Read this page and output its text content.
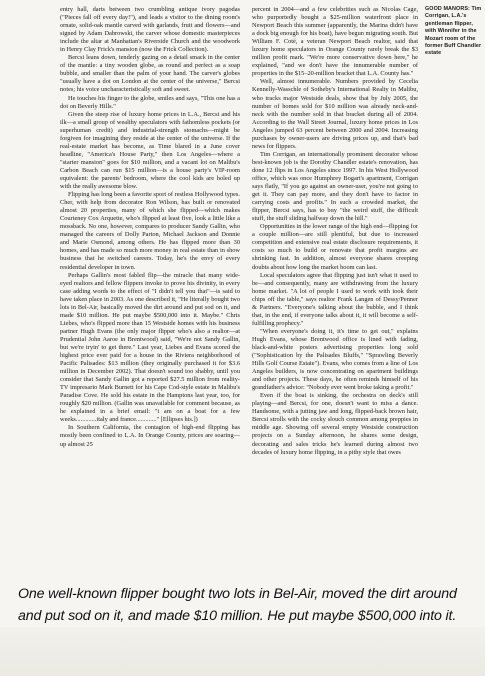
entry hall, darts between two crumbling antique ivory pagodas ("Pieces fall off every day!"), and leads a visitor to the dining room's ornate, solid-oak mantle carved with garlands, fruit and flowers—and signed by Adam Dabrowski, the carver whose domestic masterpieces include the altar at Manhattan's Riverside Church and the woodwork in Henry Clay Frick's mansion (now the Frick Collection).

Bercsi leans down, tenderly gazing on a detail smack in the center of the mantle: a tiny wooden globe, as round and perfect as a soap bubble, and smaller than the palm of your hand. The carver's globes "usually have a dot on London at the center of the universe," Bercsi notes; his voice uncharacteristically soft and sweet.

He touches his finger to the globe, smiles and says, "This one has a dot on Beverly Hills."

Given the steep rise of luxury home prices in L.A., Bercsi and his ilk—a small group of wealthy speculators with fathomless pockets (or superhuman credit) and industrial-strength stomachs—might be forgiven for imagining they reside at the center of the universe. If the real-estate market has become, as Time blared in a June cover headline, "America's House Party," then Los Angeles—where a "starter mansion" goes for $10 million, and a vacant lot on Malibu's Carbon Beach can run $15 million—is a house party's VIP-room equivalent: the parents' bedroom, where the cool kids are holed up with the really awesome blow.

Flipping has long been a favorite sport of restless Hollywood types. Cher, with help from decorator Ron Wilson, has built or renovated almost 20 properties, many of which she flipped—which makes Courteney Cox Arquette, who's flipped at least five, look a little like a mossback. No one, however, compares to producer Sandy Gallin, who managed the careers of Dolly Parton, Michael Jackson and Donnie and Marie Osmond, among others. He has flipped more than 30 homes, and has made so much more money in real estate than in show business that he switched careers. Today, he's the envy of every residential developer in town.

Perhaps Gallin's most fabled flip—the miracle that many wide-eyed realtors and fellow flippers invoke to prove his divinity, in every case adding words to the effect of "I didn't tell you that"—is said to have taken place in 2003. As one described it, "He literally bought two lots in Bel-Air, basically moved the dirt around and put sod on it, and made $10 million. He put maybe $500,000 into it. Maybe." Chris Liebes, who's flipped more than 15 Westside homes with his business partner Hugh Evans (the only major flipper who's also a realtor—at Prudential John Aaroe in Brentwood) said, "We're not Sandy Gallin, but we're tryin' to get there." Last year, Liebes and Evans scored the highest price ever paid for a house in the Riviera neighborhood of Pacific Palisades: $13 million (they originally purchased it for $3.6 million in December 2002). That doesn't sound too shabby, until you consider that Sandy Gallin got a reported $27.5 million from reality-TV impresario Mark Burnett for his Cape Cod-style estate in Malibu's Paradise Cove. He sold his estate in the Hamptons last year, too, for roughly $20 million. (Gallin was unavailable for comment because, as he explained in a brief email: "i am on a boat for a few weeks.............italy and france............." [Ellipses his.])

In Southern California, the contagion of high-end flipping has mostly been confined to L.A. In Orange County, prices are soaring—up almost 25

percent in 2004—and a few celebrities such as Nicolas Cage, who purportedly bought a $25-million waterfront place in Newport Beach this summer (apparently, the Marina didn't have a dock big enough for his boat), have begun migrating south. But William F. Coté, a veteran Newport Beach realtor, said that luxury home speculators in Orange County rarely break the $3 million profit mark. "We're more conservative down here," he explained, "and we don't have the innumerable number of properties in the $15–20-million bracket that L.A. County has."

Well, almost innumerable. Numbers provided by Cecelia Kennelly-Wasschle of Sotheby's International Realty in Malibu, who tracks major Westside deals, show that by July 2005, the number of homes sold for $10 million was already neck-and-neck with the number sold in that bracket during all of 2004. According to the Wall Street Journal, luxury home prices in Los Angeles jumped 63 percent between 2000 and 2004. Increasing purchases by owner-users are driving prices up, and that's bad news for flippers.

Tim Corrigan, an internationally prominent decorator whose best-known job is the Dorothy Chandler estate's renovation, has done 12 flips in Los Angeles since 1997. In his West Hollywood office, which was once Humphrey Bogart's apartment, Corrigan says flatly, "If you go against an owner-user, you're not going to get it. They can pay more, and they don't have to factor in carrying costs and profits." In such a crowded market, the flipper, Bercsi says, has to buy "the weird stuff, the difficult stuff, the stuff sliding halfway down the hill."

Opportunities in the lower range of the high end—flipping for a couple million—are still plentiful, but due to increased competition and extensive real estate disclosure requirements, it costs so much to build or renovate that profit margins are shrinking fast. In addition, almost everyone shares creeping doubts about how long the market boom can last.

Local speculators agree that flipping just isn't what it used to be—and consequently, many are withdrawing from the luxury home market. "A lot of people I used to work with took their chips off the table," says realtor Frank Langen of Dessy/Penner & Partners. "Everyone's talking about the bubble, and I think that, in the end, if everyone talks about it, it will become a self-fulfilling prophecy."

"When everyone's doing it, it's time to get out," explains Hugh Evans, whose Brentwood office is lined with fading, black-and-white posters advertising properties long sold ("Sophistication by the Palisades Bluffs," "Sprawling Beverly Hills Golf Course Estate"). Evans, who comes from a line of Los Angeles builders, is now concentrating on apartment buildings and other projects. These days, he often reminds himself of his grandfather's advice: "Nobody ever went broke taking a profit."

Even if the boat is sinking, the orchestra on deck's still playing—and Bercsi, for one, doesn't want to miss a dance. Handsome, with a jutting jaw and long, flipped-back brown hair, Bercsi strolls with the cocky slouch common among preppies in middle age. Showing off several empty Westside construction projects on a Sunday afternoon, he shares some design, decorating and sales tricks he's learned during almost two decades of luxury home flipping, in a pithy style that owes

GOOD MANORS: Tim Corrigan, L.A.'s gentleman flipper, with Winnifer in the Mozart room of the former Buff Chandler estate
One well-known flipper bought two lots in Bel-Air, moved the dirt around and put sod on it, and made $10 million. He put maybe $500,000 into it.
